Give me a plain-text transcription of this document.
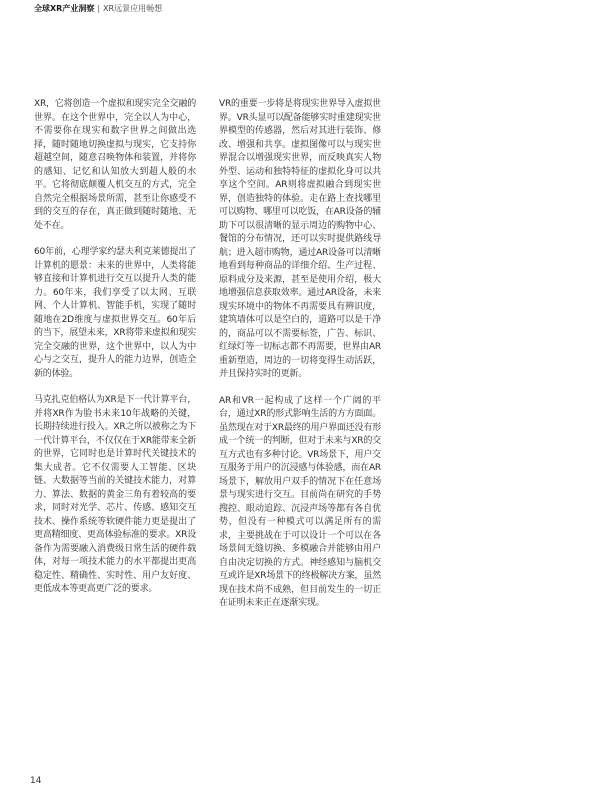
全球XR产业洞察 | XR远景应用畅想

XR，它将创造一个虚拟和现实完全交融的世界。在这个世界中，完全以人为中心，不需要你在现实和数字世界之间做出选择，随时随地切换虚拟与现实，它支持你超越空间，随意召唤物体和装置，并将你的感知、记忆和认知放大到超人般的水平。它将彻底颠覆人机交互的方式，完全自然完全根据场景所需，甚至让你感受不到的交互的存在，真正做到随时随地、无处不在。

60年前，心理学家约瑟夫利克莱德提出了计算机的愿景：未来的世界中，人类将能够直接和计算机进行交互以提升人类的能力。60年来，我们享受了以太网、互联网、个人计算机、智能手机，实现了随时随地在2D维度与虚拟世界交互。60年后的当下，展望未来，XR将带来虚拟和现实完全交融的世界，这个世界中，以人为中心与之交互，提升人的能力边界，创造全新的体验。

马克扎克伯格认为XR是下一代计算平台，并将XR作为脸书未来10年战略的关键，长期持续进行投入。XR之所以被称之为下一代计算平台，不仅仅在于XR能带来全新的世界，它同时也是计算时代关键技术的集大成者。它不仅需要人工智能、区块链、大数据等当前的关键技术能力，对算力、算法、数据的黄金三角有着较高的要求，同时对光学、芯片、传感、感知交互技术、操作系统等软硬件能力更是提出了更高精细度、更高体验标准的要求。XR设备作为需要融入消费级日常生活的硬件载体，对每一项技术能力的水平都提出更高稳定性、精确性、实时性、用户友好度、更低成本等更高更广泛的要求。

VR的重要一步将是将现实世界导入虚拟世界。VR头显可以配备能够实时重建现实世界模型的传感器，然后对其进行装饰、修改、增强和共享。虚拟图像可以与现实世界混合以增强现实世界，而反映真实人物外型、运动和独特特征的虚拟化身可以共享这个空间。AR则将虚拟融合到现实世界，创造独特的体验。走在路上查找哪里可以购物、哪里可以吃饭，在AR设备的辅助下可以很清晰的显示周边的购物中心、餐馆的分布情况，还可以实时提供路线导航；进入超市购物，通过AR设备可以清晰地看到每种商品的详细介绍、生产过程、原料成分及来源，甚至是使用介绍，极大地增强信息获取效率。通过AR设备，未来现实环境中的物体不再需要具有辨识度，建筑墙体可以是空白的，道路可以是干净的，商品可以不需要标签，广告、标识、红绿灯等一切标志都不再需要，世界由AR重新塑造，周边的一切将变得生动活跃，并且保持实时的更新。

AR和VR一起构成了这样一个广阔的平台，通过XR的形式影响生活的方方面面。虽然现在对于XR最终的用户界面还没有形成一个统一的判断，但对于未来与XR的交互方式也有多种讨论。VR场景下，用户交互服务于用户的沉浸感与体验感，而在AR场景下，解放用户双手的情况下在任意场景与现实进行交互。目前尚在研究的手势搜控、眼动追踪、沉浸声场等都有各自优势，但没有一种模式可以满足所有的需求，主要挑战在于可以设计一个可以在各场景间无缝切换、多模融合并能够由用户自由决定切换的方式。神经感知与脑机交互或许是XR场景下的终极解决方案，虽然现在技术尚不成熟，但目前发生的一切正在证明未来正在逐渐实现。

14
